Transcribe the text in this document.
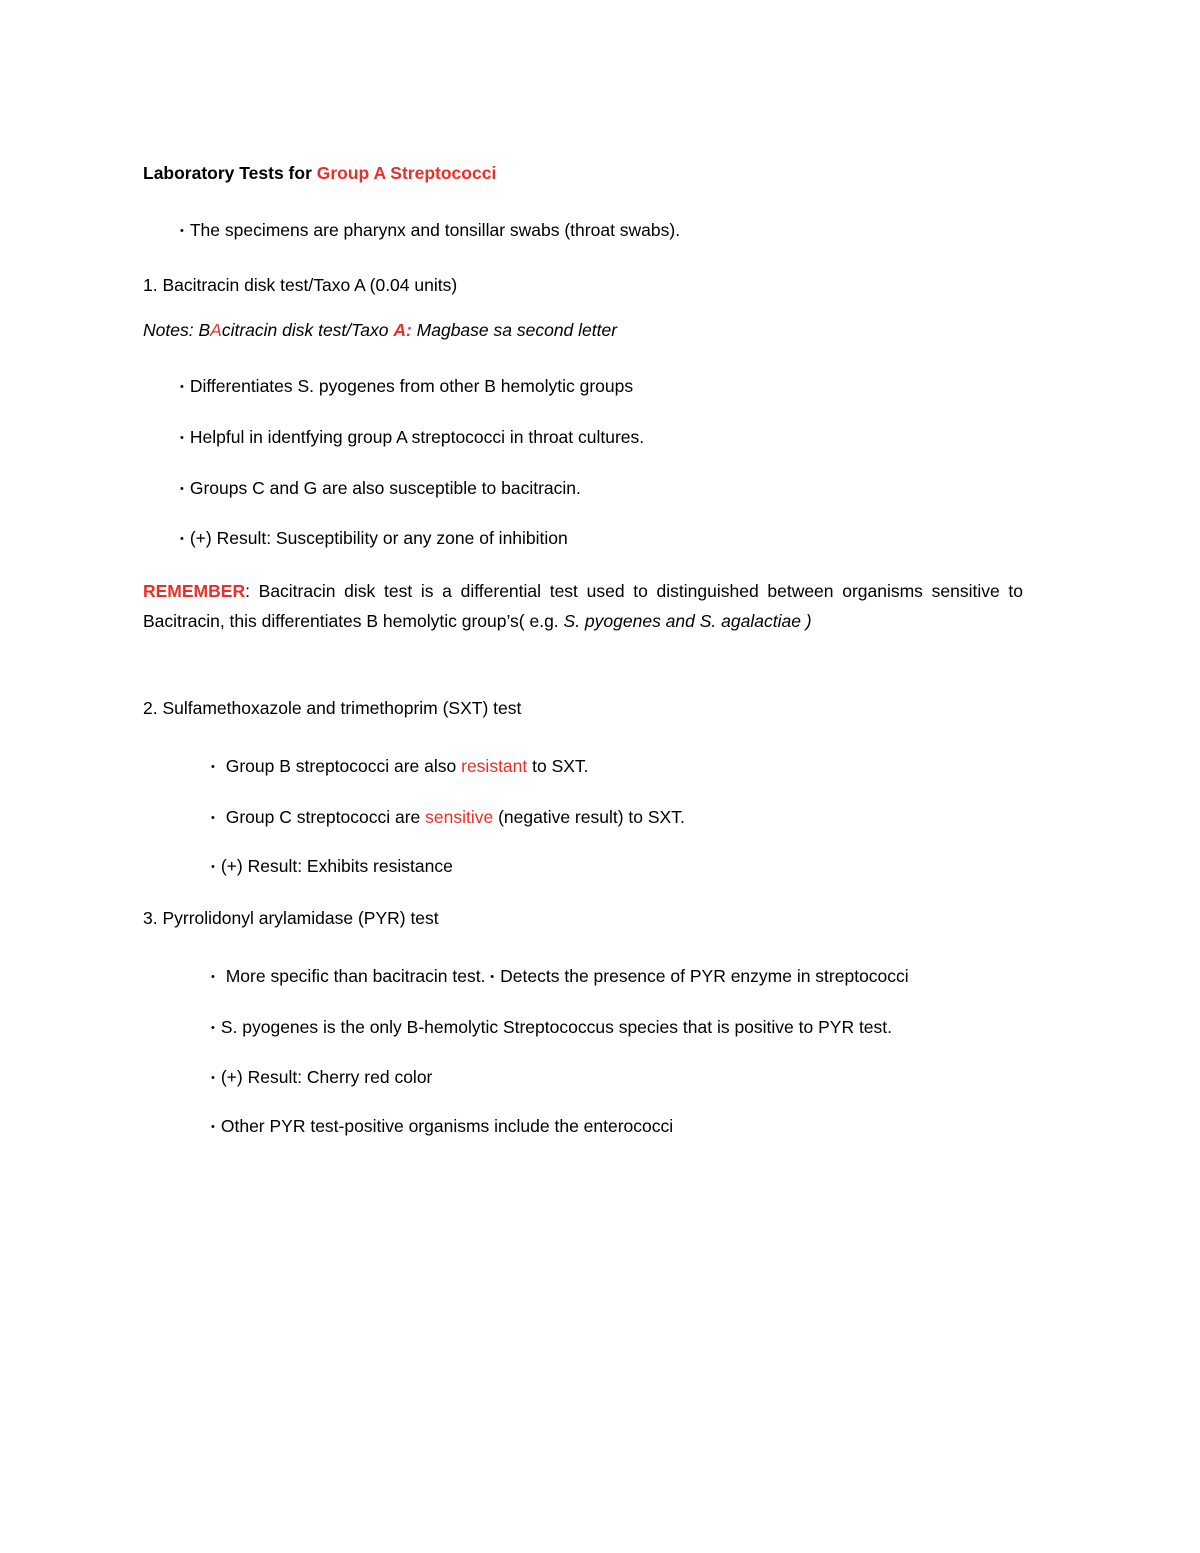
Laboratory Tests for Group A Streptococci
• The specimens are pharynx and tonsillar swabs (throat swabs).
1. Bacitracin disk test/Taxo A (0.04 units)
Notes: BAcitracin disk test/Taxo A: Magbase sa second letter
• Differentiates S. pyogenes from other B hemolytic groups
• Helpful in identfying group A streptococci in throat cultures.
• Groups C and G are also susceptible to bacitracin.
• (+) Result: Susceptibility or any zone of inhibition
REMEMBER: Bacitracin disk test is a differential test used to distinguished between organisms sensitive to Bacitracin, this differentiates B hemolytic group’s( e.g. S. pyogenes and S. agalactiae )
2. Sulfamethoxazole and trimethoprim (SXT) test
• Group B streptococci are also resistant to SXT.
• Group C streptococci are sensitive (negative result) to SXT.
• (+) Result: Exhibits resistance
3. Pyrrolidonyl arylamidase (PYR) test
• More specific than bacitracin test. • Detects the presence of PYR enzyme in streptococci
• S. pyogenes is the only B-hemolytic Streptococcus species that is positive to PYR test.
• (+) Result: Cherry red color
• Other PYR test-positive organisms include the enterococci
